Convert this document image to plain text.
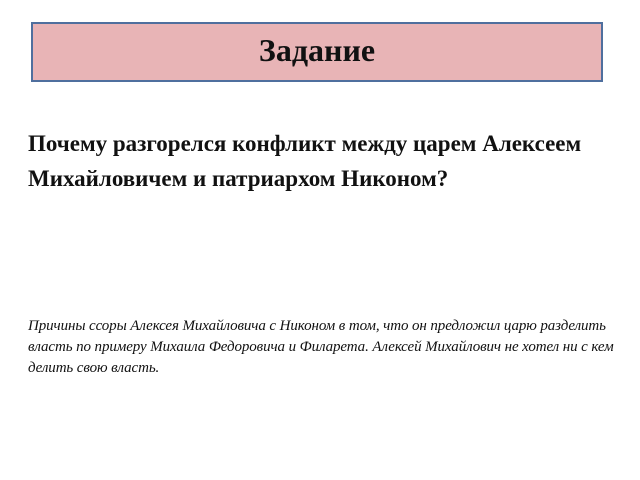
Задание

Почему разгорелся конфликт между царем Алексеем Михайловичем и патриархом Никоном?

Причины ссоры Алексея Михайловича с Никоном в том, что он предложил царю разделить власть по примеру Михаила Федоровича и Филарета. Алексей Михайлович не хотел ни с кем делить свою власть.
